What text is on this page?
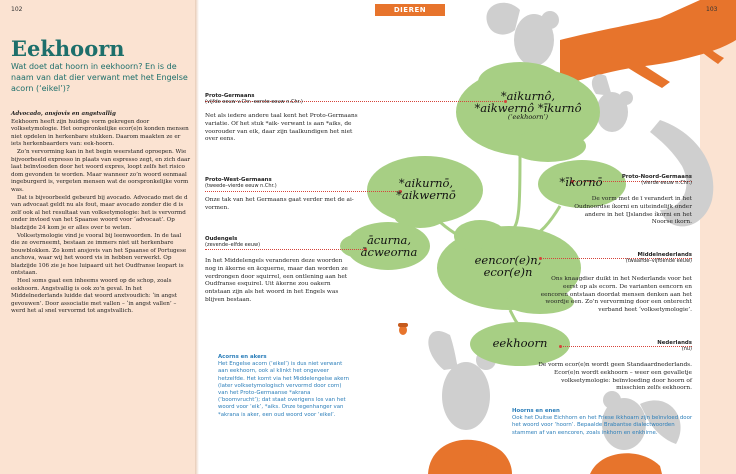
102	DIEREN	103
Eekhoorn

Wat doet dat hoorn in eekhoorn? En is de naam van dat dier verwant met het Engelse acorn (‘eikel’)?

Advocado, ansjovis en angstvallig

Eekhoorn heeft zijn huidige vorm gekregen door volksetymologie. Het oorspronkelijke ecor(e)n konden mensen niet opdelen in herkenbare stukken. Daarom maakten ze er iets herkenbaarders van: eek-hoorn.

Zo’n vervorming kan in het begin weerstand oproepen. Wie bijvoorbeeld expresso in plaats van espresso zegt, en zich daar laat beïnvloeden door het woord expres, loopt zelfs het risico dom gevonden te worden. Maar wanneer zo’n woord eenmaal ingeburgerd is, vergeten mensen wat de oorspronkelijke vorm was.

Dat is bijvoorbeeld gebeurd bij avocado. Advocado met de d van advocaat geldt nu als fout, maar avocado zonder die d is zelf ook al het resultaat van volksetymologie: het is vervormd onder invloed van het Spaanse woord voor ‘advocaat’. Op bladzijde 24 kom je er alles over te weten.

Volksetymologie vind je vooral bij leenwoorden. In de taal die ze overneemt, bestaan ze immers niet uit herkenbare bouwblokken. Zo komt ansjovis van het Spaanse of Portugese anchova, waar wij het woord vis in hebben verwerkt. Op bladzijde 106 zie je hoe luipaard uit het Oudfranse leopart is ontstaan.

Heel soms gaat een inheems woord op de schop, zoals eekhoorn. Angstvallig is ook zo’n geval. In het Middelnederlands luidde dat woord anxtvoudich: ‘in angst gevouwen’. Door associatie met vallen – ‘in angst vallen’ – werd het al snel vervormd tot angstvallich.

Proto-Germaans
(vijfde eeuw v.Chr.–eerste eeuw n.Chr.)

Net als iedere andere taal kent het Proto-Germaans variatie. Of het stuk *aik- verwant is aan *aiks, de voorouder van eik, daar zijn taalkundigen het niet over eens.

Proto-West-Germaans
(tweede–vierde eeuw n.Chr.)

Onze tak van het Germaans gaat verder met de ai-vormen.

Oudengels
(zevende–elfde eeuw)

In het Middelengels veranderen deze woorden nog in ākerne en ācquerne, maar dan worden ze verdrongen door squirrel, een ontlening aan het Oudfranse esquirel. Uit ākerne zou oakern ontstaan zijn als het woord in het Engels was blijven bestaan.

Proto-Noord-Germaans
(vierde eeuw n.Chr.)

De vorm met de ī verandert in het Oudnoordse íkorni en uiteindelijk onder andere in het IJslandse íkorni en het Noorse ikorn.

Middelnederlands
(twaalfde–vijftiende eeuw)

Ons knaagdier duikt in het Nederlands voor het eerst op als ecorn. De varianten eencorn en eencoren ontstaan doordat mensen denken aan het woordje een. Zo’n vervorming door een onterecht verband heet ‘volksetymologie’.

Nederlands
(nu)

De vorm ecor(e)n wordt geen Standaardnederlands. Ecor(e)n wordt eekhoorn – weer een gevalletje volksetymologie: beïnvloeding door hoorn of misschien zelfs eekhoorn.

*aikurnô,
*aikwernô *īkurnô
(‘eekhoorn’)
*aikurnō,
*aikwernō
*īkornō
ācurna,
ācweorna
eencor(e)n,
ecor(e)n
eekhoorn
Acorns en akers
Het Engelse acorn (‘eikel’) is dus niet verwant aan eekhoorn, ook al klinkt het ongeveer hetzelfde. Het komt via het Middelengelse akern (later volksetymologisch vervormd door corn) van het Proto-Germaanse *akrana (‘boomvrucht’); dat staat overigens los van het woord voor ‘eik’, *aiks. Onze tegenhanger van *akrana is aker, een oud woord voor ‘eikel’.
Hoorns en enen
Ook het Duitse Eichhorn en het Friese ikkhoarn zijn beïnvloed door het woord voor ‘hoorn’. Bepaalde Brabantse dialectwoorden stammen af van eencoren, zoals inkhorn en enkhirne.
